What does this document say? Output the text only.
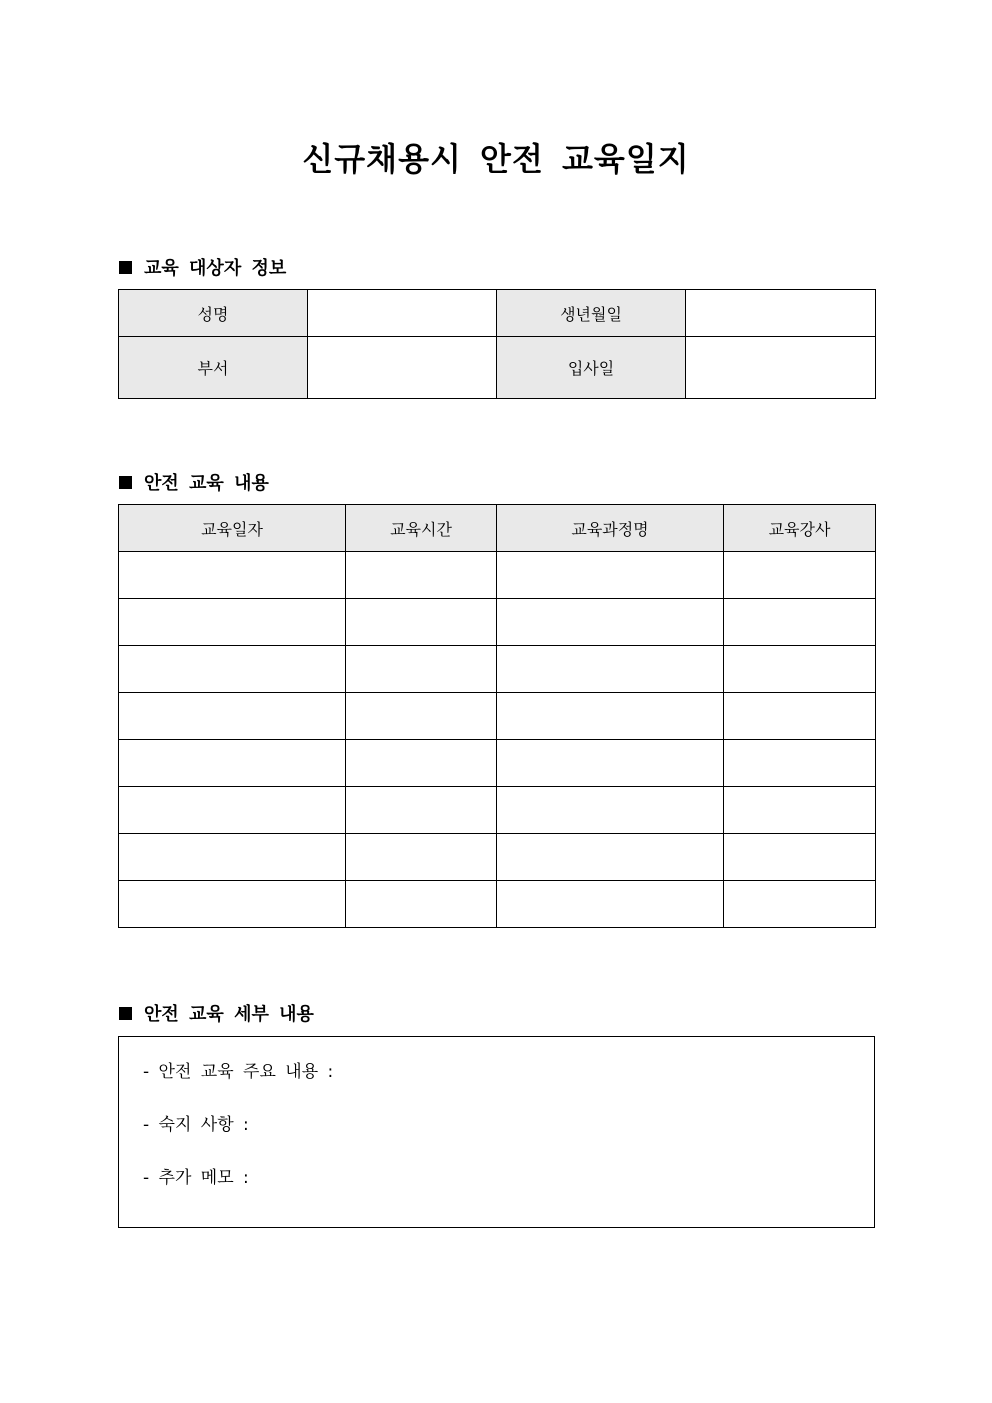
신규채용시 안전 교육일지
교육 대상자 정보
성명		생년월일	
부서		입사일	
안전 교육 내용
교육일자	교육시간	교육과정명	교육강사

안전 교육 세부 내용
- 안전 교육 주요 내용 :
- 숙지 사항 :
- 추가 메모 :
